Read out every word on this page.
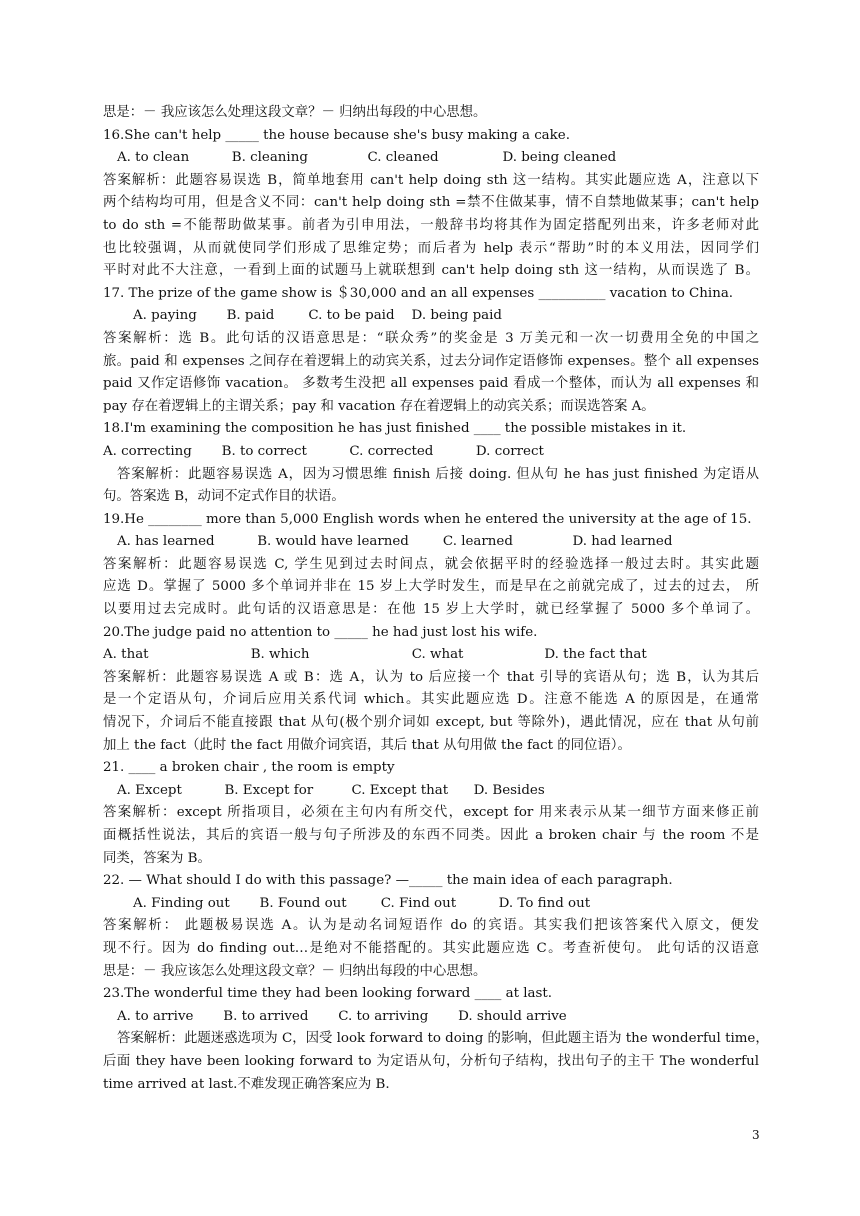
思是：－ 我应该怎么处理这段文章？－ 归纳出每段的中心思想。
16.She can't help _____ the house because she's busy making a cake.
A. to clean          B. cleaning              C. cleaned               D. being cleaned
答案解析：此题容易误选 B，简单地套用 can't help doing sth 这一结构。其实此题应选 A，注意以下
两个结构均可用，但是含义不同：can't help doing sth =禁不住做某事，情不自禁地做某事；can't help
to do sth =不能帮助做某事。前者为引申用法，一般辞书均将其作为固定搭配列出来，许多老师对此
也比较强调，从而就使同学们形成了思维定势；而后者为 help 表示“帮助”时的本义用法，因同学们
平时对此不大注意，一看到上面的试题马上就联想到 can't help doing sth 这一结构，从而误选了 B。
17. The prize of the game show is ＄30,000 and an all expenses __________ vacation to China.
A. paying       B. paid        C. to be paid    D. being paid
答案解析：选 B。此句话的汉语意思是：“联众秀”的奖金是 3 万美元和一次一切费用全免的中国之
旅。paid 和 expenses 之间存在着逻辑上的动宾关系，过去分词作定语修饰 expenses。整个 all expenses
paid 又作定语修饰 vacation。 多数考生没把 all expenses paid 看成一个整体，而认为 all expenses 和
pay 存在着逻辑上的主谓关系；pay 和 vacation 存在着逻辑上的动宾关系；而误选答案 A。
18.I'm examining the composition he has just finished ____ the possible mistakes in it.
A. correcting       B. to correct          C. corrected          D. correct
答案解析：此题容易误选 A，因为习惯思维 finish 后接 doing. 但从句 he has just finished 为定语从
句。答案选 B，动词不定式作目的状语。
19.He ________ more than 5,000 English words when he entered the university at the age of 15.
A. has learned          B. would have learned        C. learned              D. had learned
答案解析：此题容易误选 C, 学生见到过去时间点，就会依据平时的经验选择一般过去时。其实此题
应选 D。掌握了 5000 多个单词并非在 15 岁上大学时发生，而是早在之前就完成了，过去的过去， 所
以要用过去完成时。此句话的汉语意思是：在他 15 岁上大学时，就已经掌握了 5000 多个单词了。
20.The judge paid no attention to _____ he had just lost his wife.
A. that                        B. which                        C. what                   D. the fact that
答案解析：此题容易误选 A 或 B：选 A，认为 to 后应接一个 that 引导的宾语从句；选 B，认为其后
是一个定语从句，介词后应用关系代词 which。其实此题应选 D。注意不能选 A 的原因是，在通常
情况下，介词后不能直接跟 that 从句(极个别介词如 except, but 等除外)，遇此情况，应在 that 从句前
加上 the fact（此时 the fact 用做介词宾语，其后 that 从句用做 the fact 的同位语）。
21. ____ a broken chair , the room is empty
A. Except          B. Except for         C. Except that      D. Besides
答案解析：except 所指项目，必须在主句内有所交代，except for 用来表示从某一细节方面来修正前
面概括性说法，其后的宾语一般与句子所涉及的东西不同类。因此 a broken chair 与 the room 不是
同类，答案为 B。
22. — What should I do with this passage? —_____ the main idea of each paragraph.
A. Finding out       B. Found out        C. Find out          D. To find out
答案解析： 此题极易误选 A。认为是动名词短语作 do 的宾语。其实我们把该答案代入原文，便发
现不行。因为 do finding out…是绝对不能搭配的。其实此题应选 C。考查祈使句。 此句话的汉语意
思是：－ 我应该怎么处理这段文章？－ 归纳出每段的中心思想。
23.The wonderful time they had been looking forward ____ at last.
A. to arrive       B. to arrived       C. to arriving       D. should arrive
答案解析：此题迷惑选项为 C，因受 look forward to doing 的影响，但此题主语为 the wonderful time，
后面 they have been looking forward to 为定语从句，分析句子结构，找出句子的主干 The wonderful
time arrived at last.不难发现正确答案应为 B.
3
